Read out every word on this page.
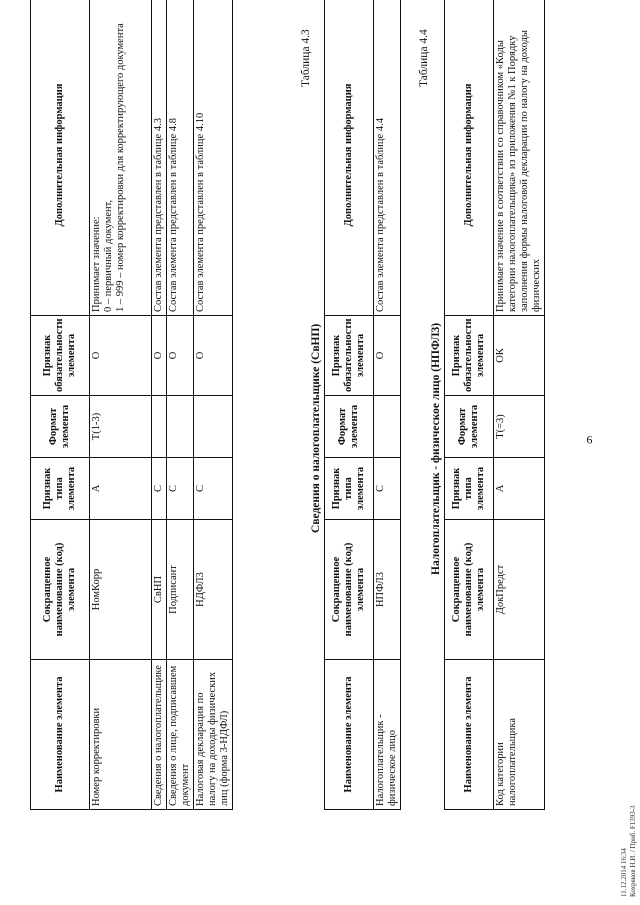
6
Наименование элемента	Сокращенное наименование (код) элемента	Признак типа элемента	Формат элемента	Признак обязательности элемента	Дополнительная информация
Номер корректировки	НомКорр	А	T(1-3)	О	Принимает значение:
0 – первичный документ,
1 – 999 – номер корректировки для корректирующего документа
Сведения о налогоплательщике	СвНП	С		О	Состав элемента представлен в таблице 4.3
Сведения о лице, подписавшем документ	Подписант	С		О	Состав элемента представлен в таблице 4.8
Налоговая декларация по налогу на доходы физических лиц (форма 3-НДФЛ)	НДФЛ3	С		О	Состав элемента представлен в таблице 4.10
Таблица 4.3
Сведения о налогоплательщике (СвНП)
Наименование элемента	Сокращенное наименование (код) элемента	Признак типа элемента	Формат элемента	Признак обязательности элемента	Дополнительная информация
Налогоплательщик - физическое лицо	НПФЛ3	С		О	Состав элемента представлен в таблице 4.4
Таблица 4.4
Налогоплательщик - физическое лицо (НПФЛ3)
Наименование элемента	Сокращенное наименование (код) элемента	Признак типа элемента	Формат элемента	Признак обязательности элемента	Дополнительная информация
Код категории налогоплательщика	ДокПредст	А	T(=3)	ОК	Принимает значение в соответствии со справочником «Коды категории налогоплательщика» из приложения №1 к Порядку заполнения формы налоговой декларации по налогу на доходы физических
11.12.2014 16:34
Кохряков Н.И. / Приб. F1393-3
